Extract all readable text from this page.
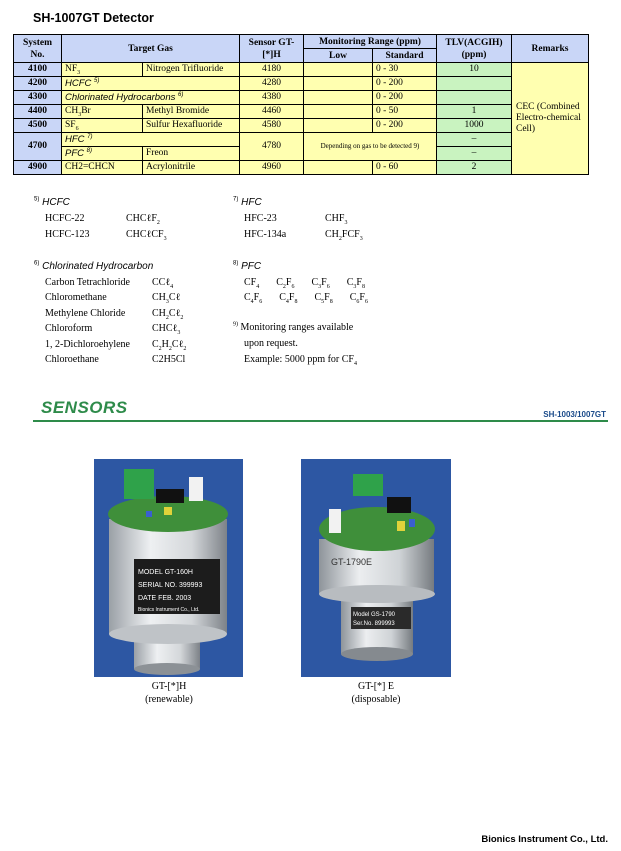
SH-1007GT Detector
System No.	Target Gas		Sensor GT-[*]H	Monitoring Range (ppm)		TLV(ACGIH) (ppm)	Remarks
				Low	Standard		
4100	$NF_3$	Nitrogen Trifluoride	4180		0 - 30	10	CEC (Combined Electro-chemical Cell)
4200	HCFC $^{5)}$		4280		0 - 200		
4300	Chlorinated Hydrocarbons $^{6)}$		4380		0 - 200		
4400	$CH_3Br$	Methyl Bromide	4460		0 - 50	1	
4500	$SF_6$	Sulfur Hexafluoride	4580		0 - 200	1000	
4700	HFC $^{7)}$		4780	Depending on gas to be detected 9)		–	
	PFC $^{8)}$	Freon				–	
4900	CH2=CHCN	Acrylonitrile	4960		0 - 60	2	
$^{5)}$ HCFC
HCFC-22	CHCℓF$_2$
HCFC-123	CHCℓCF$_3$
$^{7)}$ HFC
HFC-23	$CHF_3$
HFC-134a	$CH_2FCF_3$
$^{6)}$ Chlorinated Hydrocarbon
Carbon Tetrachloride CCℓ$_4$
Chloromethane	$CH_3C\ell$
Methylene Chloride	$CH_2C\ell_2$
Chloroform	CHCℓ$_3$
1, 2-Dichloroehylene $C_2H_2C\ell_2$
Chloroethane	C2H5Cl
$^{8)}$ PFC
$CF_4$  $C_2F_6$  $C_3F_6$  $C_3F_8$
$C_4F_6$  $C_4F_8$  $C_5F_8$  $C_6F_6$
$^{9)}$ Monitoring ranges available
upon request.
Example: 5000 ppm for $CF_4$
SENSORS	SH-1003/1007GT
MODEL GT-160H
SERIAL NO. 399993
DATE FEB. 2003
Bionics Instrument Co., Ltd.
GT-[*]H
(renewable)
Model GS-1790
Ser.No. 899993
GT-1790E
GT-[*] E
(disposable)
Bionics Instrument Co., Ltd.
